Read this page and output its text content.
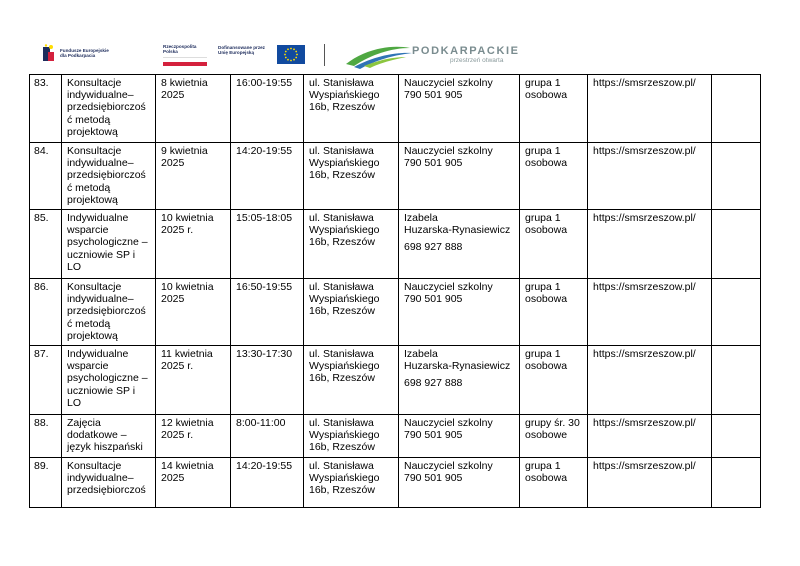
Fundusze Europejskie
dla Podkarpacia
Rzeczpospolita
Polska
Dofinansowane przez
Unię Europejską	PODKARPACKIE
przestrzeń otwarta
83.	Konsultacje
indywidualne–
przedsiębiorczoś
ć metodą
projektową	8 kwietnia
2025	16:00-19:55	ul. Stanisława
Wyspiańskiego
16b, Rzeszów	Nauczyciel szkolny
790 501 905	grupa 1
osobowa	https://smsrzeszow.pl/	
84.	Konsultacje
indywidualne–
przedsiębiorczoś
ć metodą
projektową	9 kwietnia
2025	14:20-19:55	ul. Stanisława
Wyspiańskiego
16b, Rzeszów	Nauczyciel szkolny
790 501 905	grupa 1
osobowa	https://smsrzeszow.pl/	
85.	Indywidualne
wsparcie
psychologiczne –
uczniowie SP i
LO	10 kwietnia
2025 r.	15:05-18:05	ul. Stanisława
Wyspiańskiego
16b, Rzeszów	Izabela
Huzarska-Rynasiewicz
698 927 888	grupa 1
osobowa	https://smsrzeszow.pl/	
86.	Konsultacje
indywidualne–
przedsiębiorczoś
ć metodą
projektową	10 kwietnia
2025	16:50-19:55	ul. Stanisława
Wyspiańskiego
16b, Rzeszów	Nauczyciel szkolny
790 501 905	grupa 1
osobowa	https://smsrzeszow.pl/	
87.	Indywidualne
wsparcie
psychologiczne –
uczniowie SP i
LO	11 kwietnia
2025 r.	13:30-17:30	ul. Stanisława
Wyspiańskiego
16b, Rzeszów	Izabela
Huzarska-Rynasiewicz
698 927 888	grupa 1
osobowa	https://smsrzeszow.pl/	
88.	Zajęcia
dodatkowe –
język hiszpański	12 kwietnia
2025 r.	8:00-11:00	ul. Stanisława
Wyspiańskiego
16b, Rzeszów	Nauczyciel szkolny
790 501 905	grupy śr. 30
osobowe	https://smsrzeszow.pl/	
89.	Konsultacje
indywidualne–
przedsiębiorczoś	14 kwietnia
2025	14:20-19:55	ul. Stanisława
Wyspiańskiego
16b, Rzeszów	Nauczyciel szkolny
790 501 905	grupa 1
osobowa	https://smsrzeszow.pl/	
